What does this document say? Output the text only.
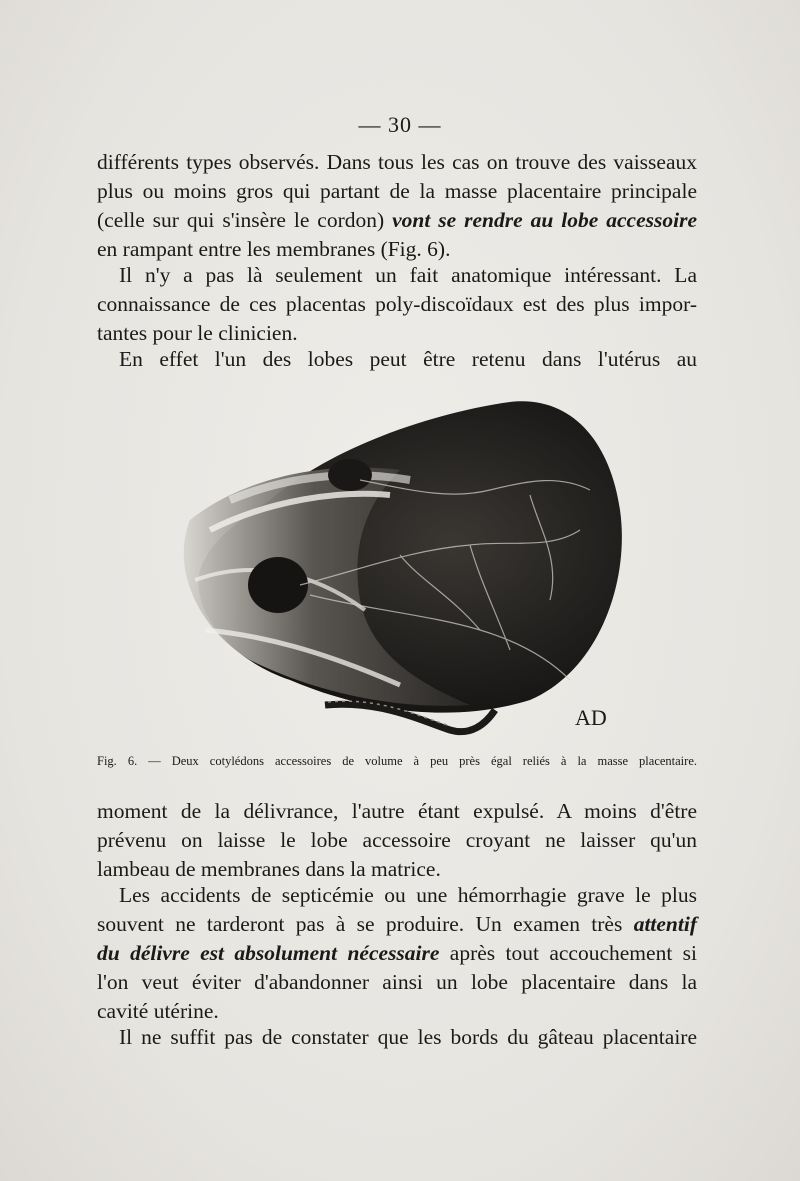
— 30 —

différents types observés. Dans tous les cas on trouve des vaisseaux
plus ou moins gros qui partant de la masse placentaire principale
(celle sur qui s'insère le cordon) vont se rendre au lobe accessoire
en rampant entre les membranes (Fig. 6).

Il n'y a pas là seulement un fait anatomique intéressant. La
connaissance de ces placentas poly-discoïdaux est des plus impor-
tantes pour le clinicien.

En effet l'un des lobes peut être retenu dans l'utérus au

AD
Fig. 6. — Deux cotylédons accessoires de volume à peu près égal reliés à la masse placentaire.

moment de la délivrance, l'autre étant expulsé. A moins d'être
prévenu on laisse le lobe accessoire croyant ne laisser qu'un
lambeau de membranes dans la matrice.

Les accidents de septicémie ou une hémorrhagie grave le plus
souvent ne tarderont pas à se produire. Un examen très attentif
du délivre est absolument nécessaire après tout accouchement si
l'on veut éviter d'abandonner ainsi un lobe placentaire dans la
cavité utérine.

Il ne suffit pas de constater que les bords du gâteau placentaire
